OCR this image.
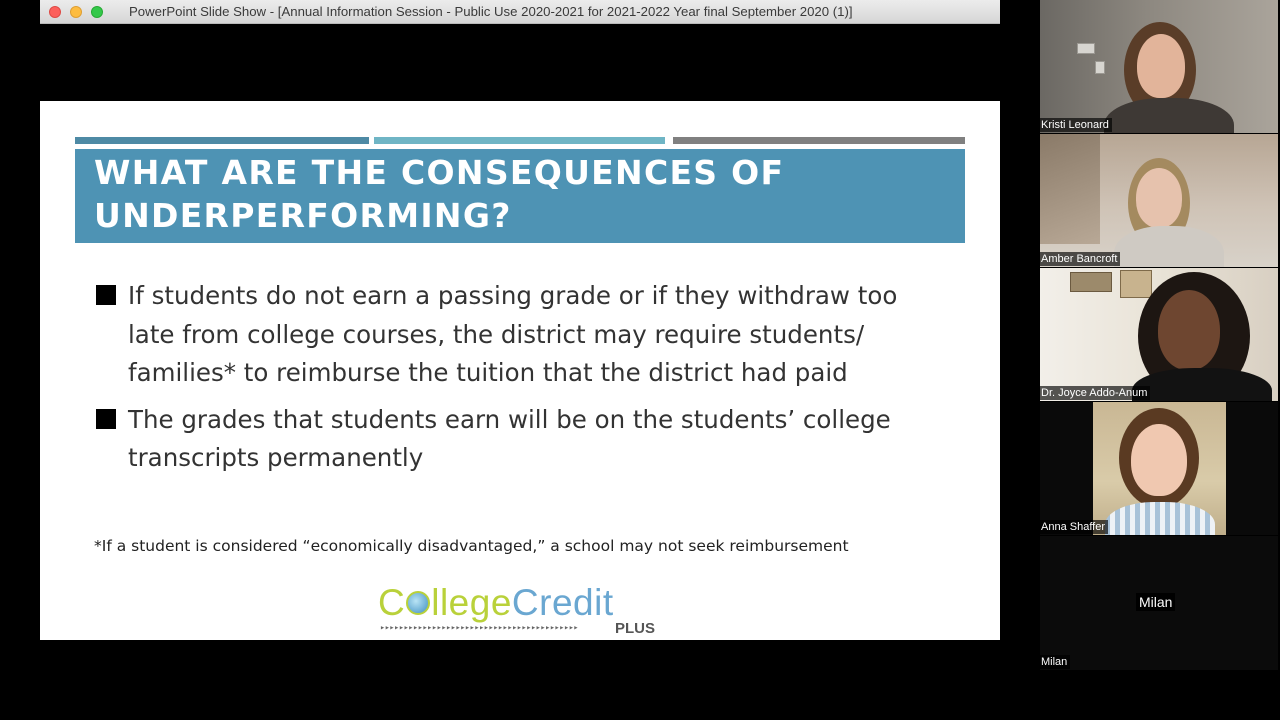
PowerPoint Slide Show - [Annual Information Session - Public Use 2020-2021 for 2021-2022 Year final September 2020 (1)]
WHAT ARE THE CONSEQUENCES OF
UNDERPERFORMING?
If students do not earn a passing grade or if they withdraw too late from college courses, the district may require students/ families* to reimburse the tuition that the district had paid
The grades that students earn will be on the students’ college transcripts permanently
*If a student is considered “economically disadvantaged,” a school may not seek reimbursement
C llege Credit
▸▸▸▸▸▸▸▸▸▸▸▸▸▸▸▸▸▸▸▸▸▸▸▸▸▸▸▸▸▸▸▸▸▸▸▸▸▸▸▸▸▸ PLUS
Kristi Leonard
Amber Bancroft
Dr. Joyce Addo-Anum
Anna Shaffer
Milan
Milan
